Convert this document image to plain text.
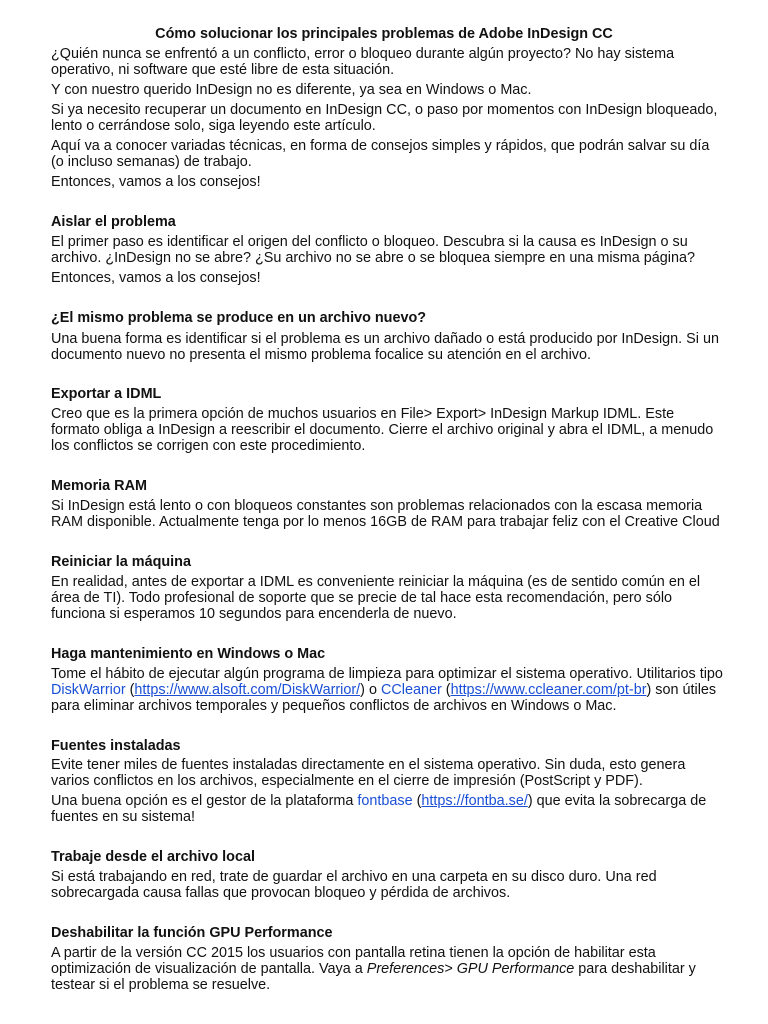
Cómo solucionar los principales problemas de Adobe InDesign CC

¿Quién nunca se enfrentó a un conflicto, error o bloqueo durante algún proyecto? No hay sistema operativo, ni software que esté libre de esta situación.

Y con nuestro querido InDesign no es diferente, ya sea en Windows o Mac.

Si ya necesito recuperar un documento en InDesign CC, o paso por momentos con InDesign bloqueado, lento o cerrándose solo, siga leyendo este artículo.

Aquí va a conocer variadas técnicas, en forma de consejos simples y rápidos, que podrán salvar su día (o incluso semanas) de trabajo.

Entonces, vamos a los consejos!

Aislar el problema

El primer paso es identificar el origen del conflicto o bloqueo. Descubra si la causa es InDesign o su archivo. ¿InDesign no se abre? ¿Su archivo no se abre o se bloquea siempre en una misma página?

Entonces, vamos a los consejos!

¿El mismo problema se produce en un archivo nuevo?

Una buena forma es identificar si el problema es un archivo dañado o está producido por InDesign. Si un documento nuevo no presenta el mismo problema focalice su atención en el archivo.

Exportar a IDML

Creo que es la primera opción de muchos usuarios en File> Export> InDesign Markup IDML. Este formato obliga a InDesign a reescribir el documento. Cierre el archivo original y abra el IDML, a menudo los conflictos se corrigen con este procedimiento.

Memoria RAM

Si InDesign está lento o con bloqueos constantes son problemas relacionados con la escasa memoria RAM disponible. Actualmente tenga por lo menos 16GB de RAM para trabajar feliz con el Creative Cloud

Reiniciar la máquina

En realidad, antes de exportar a IDML es conveniente reiniciar la máquina (es de sentido común en el área de TI). Todo profesional de soporte que se precie de tal hace esta recomendación, pero sólo funciona si esperamos 10 segundos para encenderla de nuevo.

Haga mantenimiento en Windows o Mac

Tome el hábito de ejecutar algún programa de limpieza para optimizar el sistema operativo. Utilitarios tipo DiskWarrior (https://www.alsoft.com/DiskWarrior/) o CCleaner (https://www.ccleaner.com/pt-br) son útiles para eliminar archivos temporales y pequeños conflictos de archivos en Windows o Mac.

Fuentes instaladas

Evite tener miles de fuentes instaladas directamente en el sistema operativo. Sin duda, esto genera varios conflictos en los archivos, especialmente en el cierre de impresión (PostScript y PDF).

Una buena opción es el gestor de la plataforma fontbase (https://fontba.se/) que evita la sobrecarga de fuentes en su sistema!

Trabaje desde el archivo local

Si está trabajando en red, trate de guardar el archivo en una carpeta en su disco duro. Una red sobrecargada causa fallas que provocan bloqueo y pérdida de archivos.

Deshabilitar la función GPU Performance

A partir de la versión CC 2015 los usuarios con pantalla retina tienen la opción de habilitar esta optimización de visualización de pantalla. Vaya a Preferences> GPU Performance para deshabilitar y testear si el problema se resuelve.
